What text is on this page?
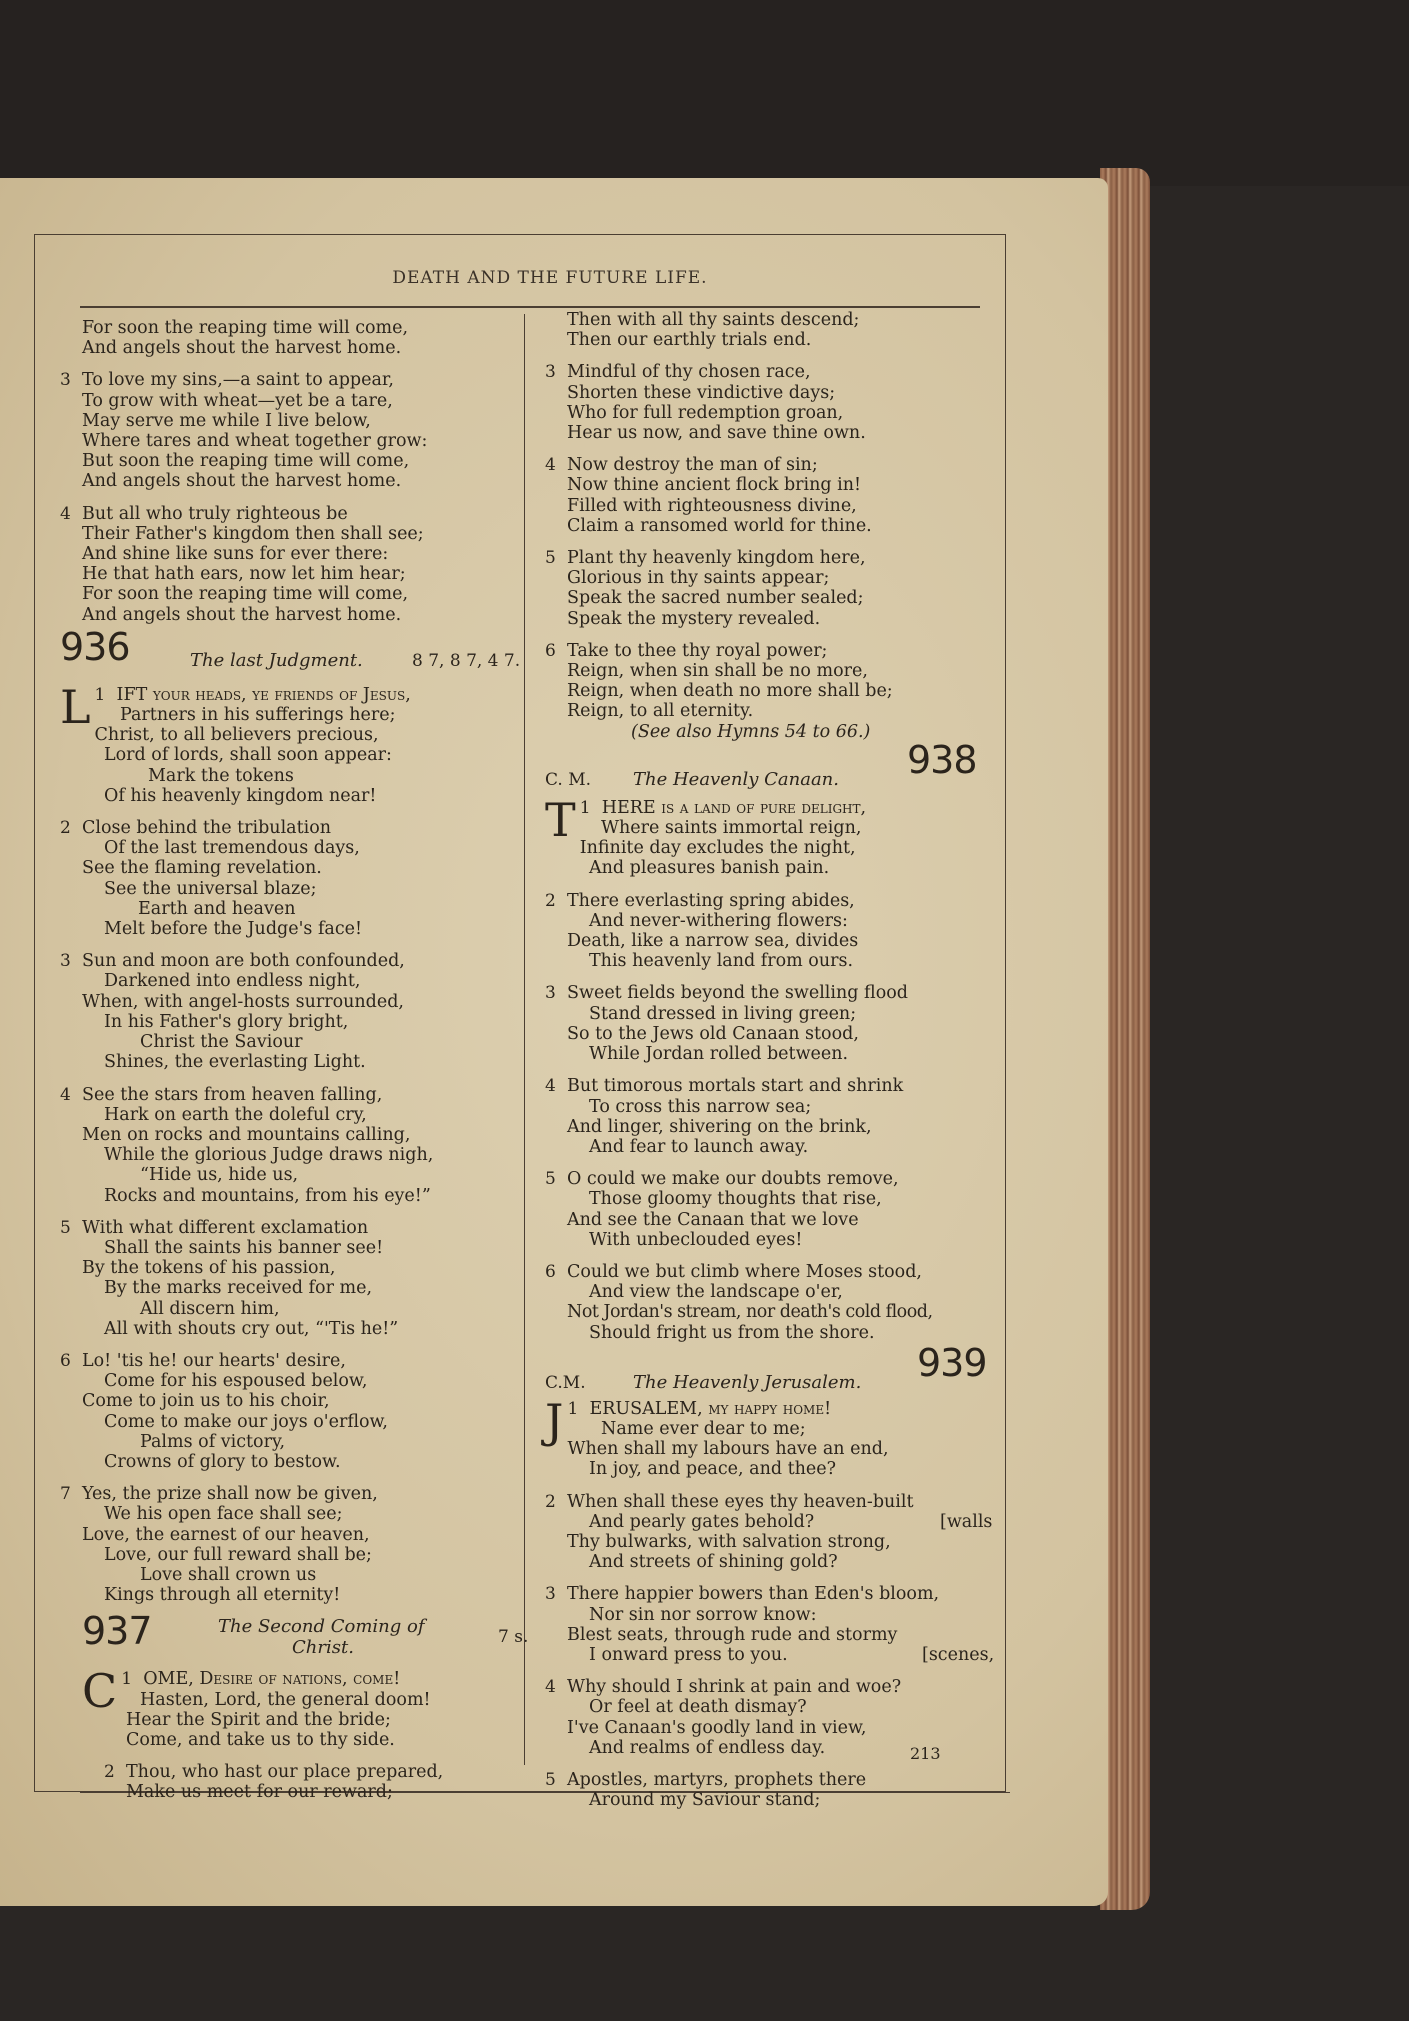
DEATH AND THE FUTURE LIFE.

For soon the reaping time will come,

And angels shout the harvest home.

3 To love my sins,—a saint to appear,

To grow with wheat—yet be a tare,

May serve me while I live below,

Where tares and wheat together grow:

But soon the reaping time will come,

And angels shout the harvest home.

4 But all who truly righteous be

Their Father's kingdom then shall see;

And shine like suns for ever there:

He that hath ears, now let him hear;

For soon the reaping time will come,

And angels shout the harvest home.

936	The last Judgment.	8 7, 8 7, 4 7.

1
L IFT your heads, ye friends of Jesus,

Partners in his sufferings here;

Christ, to all believers precious,

Lord of lords, shall soon appear:

Mark the tokens

Of his heavenly kingdom near!

2 Close behind the tribulation

Of the last tremendous days,

See the flaming revelation.

See the universal blaze;

Earth and heaven

Melt before the Judge's face!

3 Sun and moon are both confounded,

Darkened into endless night,

When, with angel-hosts surrounded,

In his Father's glory bright,

Christ the Saviour

Shines, the everlasting Light.

4 See the stars from heaven falling,

Hark on earth the doleful cry,

Men on rocks and mountains calling,

While the glorious Judge draws nigh,

“Hide us, hide us,

Rocks and mountains, from his eye!”

5 With what different exclamation

Shall the saints his banner see!

By the tokens of his passion,

By the marks received for me,

All discern him,

All with shouts cry out, “'Tis he!”

6 Lo! 'tis he! our hearts' desire,

Come for his espoused below,

Come to join us to his choir,

Come to make our joys o'erflow,

Palms of victory,

Crowns of glory to bestow.

7 Yes, the prize shall now be given,

We his open face shall see;

Love, the earnest of our heaven,

Love, our full reward shall be;

Love shall crown us

Kings through all eternity!

937	The Second Coming of
Christ.	7 s.

1
C OME, Desire of nations, come!

Hasten, Lord, the general doom!

Hear the Spirit and the bride;

Come, and take us to thy side.

2 Thou, who hast our place prepared,

Make us meet for our reward;

Then with all thy saints descend;

Then our earthly trials end.

3 Mindful of thy chosen race,

Shorten these vindictive days;

Who for full redemption groan,

Hear us now, and save thine own.

4 Now destroy the man of sin;

Now thine ancient flock bring in!

Filled with righteousness divine,

Claim a ransomed world for thine.

5 Plant thy heavenly kingdom here,

Glorious in thy saints appear;

Speak the sacred number sealed;

Speak the mystery revealed.

6 Take to thee thy royal power;

Reign, when sin shall be no more,

Reign, when death no more shall be;

Reign, to all eternity.

(See also Hymns 54 to 66.)

C. M. The Heavenly Canaan. 938

1
T HERE is a land of pure delight,

Where saints immortal reign,

Infinite day excludes the night,

And pleasures banish pain.

2 There everlasting spring abides,

And never-withering flowers:

Death, like a narrow sea, divides

This heavenly land from ours.

3 Sweet fields beyond the swelling flood

Stand dressed in living green;

So to the Jews old Canaan stood,

While Jordan rolled between.

4 But timorous mortals start and shrink

To cross this narrow sea;

And linger, shivering on the brink,

And fear to launch away.

5 O could we make our doubts remove,

Those gloomy thoughts that rise,

And see the Canaan that we love

With unbeclouded eyes!

6 Could we but climb where Moses stood,

And view the landscape o'er,

Not Jordan's stream, nor death's cold flood,

Should fright us from the shore.

C.M.	The Heavenly Jerusalem. 939

1
J ERUSALEM, my happy home!

Name ever dear to me;

When shall my labours have an end,

In joy, and peace, and thee?

2 When shall these eyes thy heaven-built

And pearly gates behold?	[walls

Thy bulwarks, with salvation strong,

And streets of shining gold?

3 There happier bowers than Eden's bloom,

Nor sin nor sorrow know:

Blest seats, through rude and stormy

I onward press to you.	[scenes,

4 Why should I shrink at pain and woe?

Or feel at death dismay?

I've Canaan's goodly land in view,

And realms of endless day.

5 Apostles, martyrs, prophets there

Around my Saviour stand;

213
